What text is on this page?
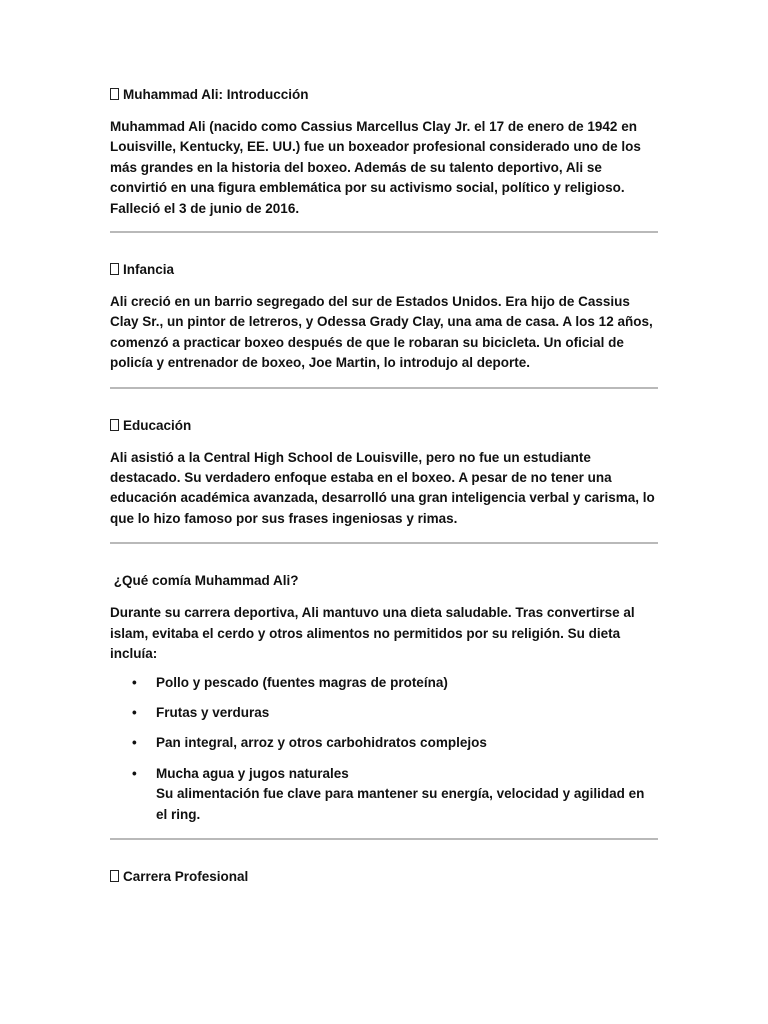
Muhammad Ali: Introducción

Muhammad Ali (nacido como Cassius Marcellus Clay Jr. el 17 de enero de 1942 en Louisville, Kentucky, EE. UU.) fue un boxeador profesional considerado uno de los más grandes en la historia del boxeo. Además de su talento deportivo, Ali se convirtió en una figura emblemática por su activismo social, político y religioso. Falleció el 3 de junio de 2016.

Infancia

Ali creció en un barrio segregado del sur de Estados Unidos. Era hijo de Cassius Clay Sr., un pintor de letreros, y Odessa Grady Clay, una ama de casa. A los 12 años, comenzó a practicar boxeo después de que le robaran su bicicleta. Un oficial de policía y entrenador de boxeo, Joe Martin, lo introdujo al deporte.

Educación

Ali asistió a la Central High School de Louisville, pero no fue un estudiante destacado. Su verdadero enfoque estaba en el boxeo. A pesar de no tener una educación académica avanzada, desarrolló una gran inteligencia verbal y carisma, lo que lo hizo famoso por sus frases ingeniosas y rimas.

¿Qué comía Muhammad Ali?

Durante su carrera deportiva, Ali mantuvo una dieta saludable. Tras convertirse al islam, evitaba el cerdo y otros alimentos no permitidos por su religión. Su dieta incluía:

• Pollo y pescado (fuentes magras de proteína)
• Frutas y verduras
• Pan integral, arroz y otros carbohidratos complejos
• Mucha agua y jugos naturales
Su alimentación fue clave para mantener su energía, velocidad y agilidad en el ring.
Carrera Profesional
